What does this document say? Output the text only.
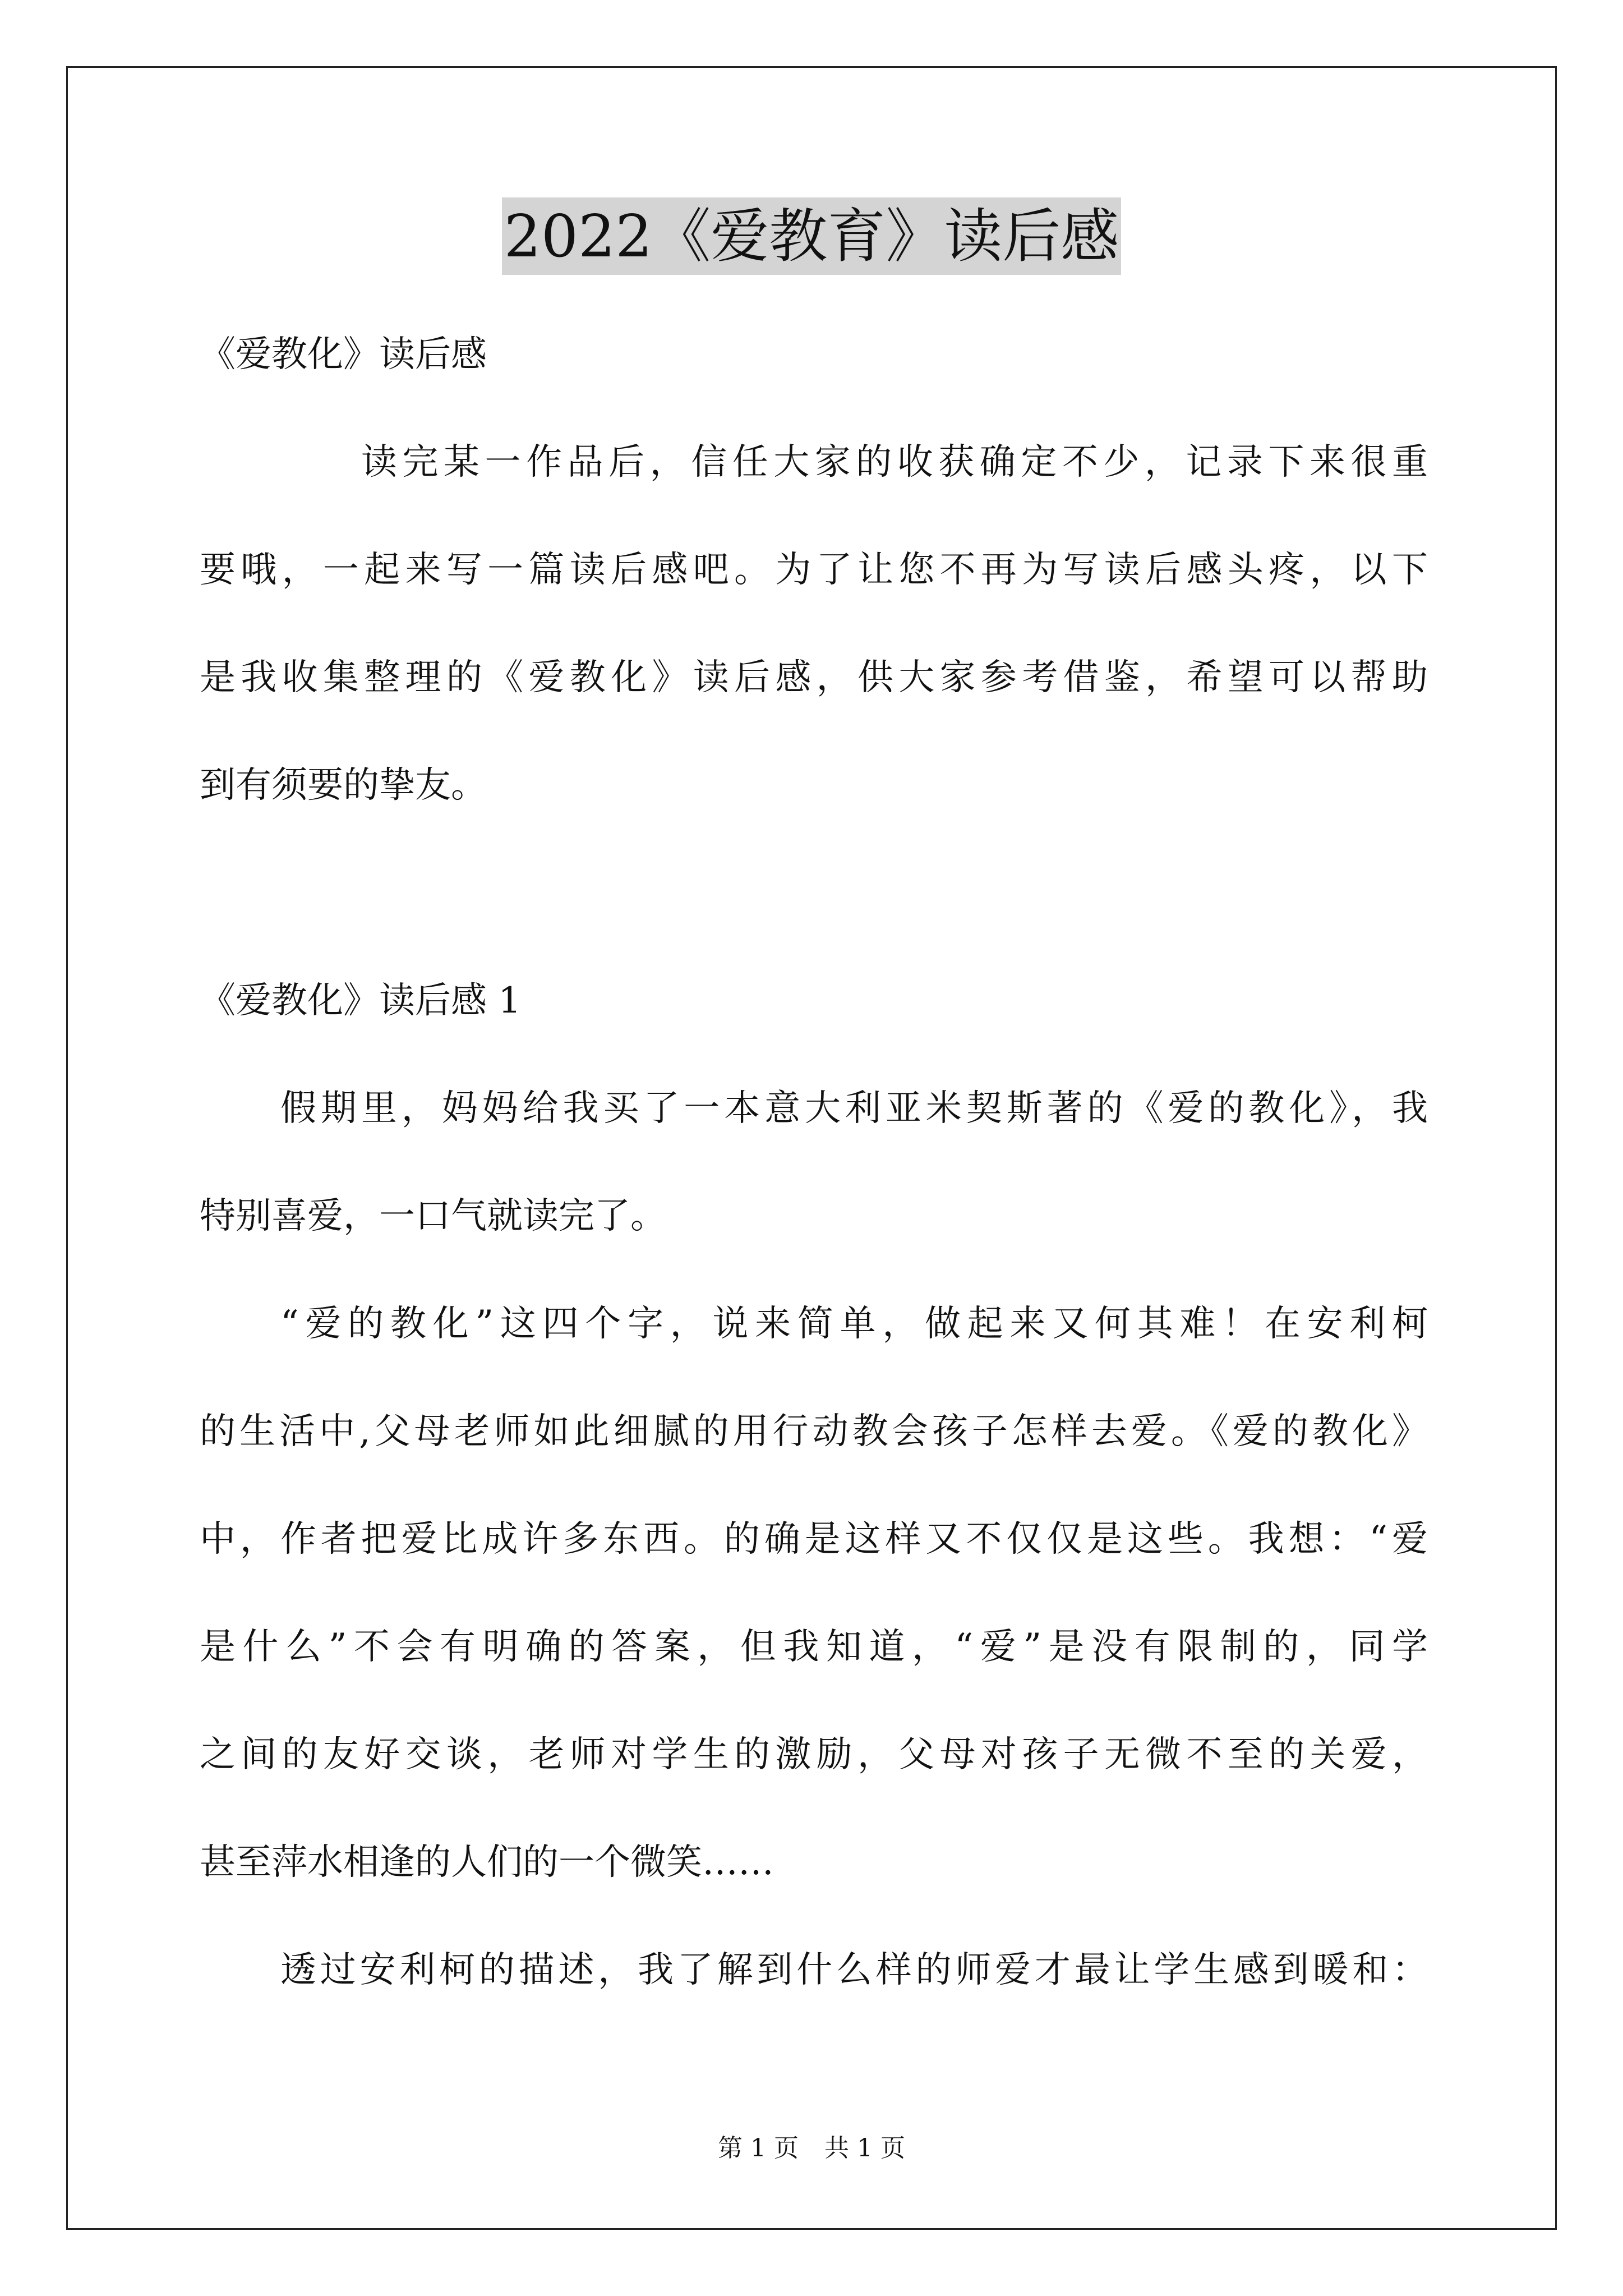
2022《爱教育》读后感
《爱教化》读后感
读完某一作品后，信任大家的收获确定不少，记录下来很重
要哦，一起来写一篇读后感吧。为了让您不再为写读后感头疼，以下
是我收集整理的《爱教化》读后感，供大家参考借鉴，希望可以帮助
到有须要的挚友。
《爱教化》读后感 1
假期里，妈妈给我买了一本意大利亚米契斯著的《爱的教化》，我
特别喜爱，一口气就读完了。
“爱的教化”这四个字，说来简单，做起来又何其难！在安利柯
的生活中,父母老师如此细腻的用行动教会孩子怎样去爱。《爱的教化》
中，作者把爱比成许多东西。的确是这样又不仅仅是这些。我想：“爱
是什么”不会有明确的答案，但我知道，“爱”是没有限制的，同学
之间的友好交谈，老师对学生的激励，父母对孩子无微不至的关爱，
甚至萍水相逢的人们的一个微笑……
透过安利柯的描述，我了解到什么样的师爱才最让学生感到暖和：
第 1 页 共 1 页
